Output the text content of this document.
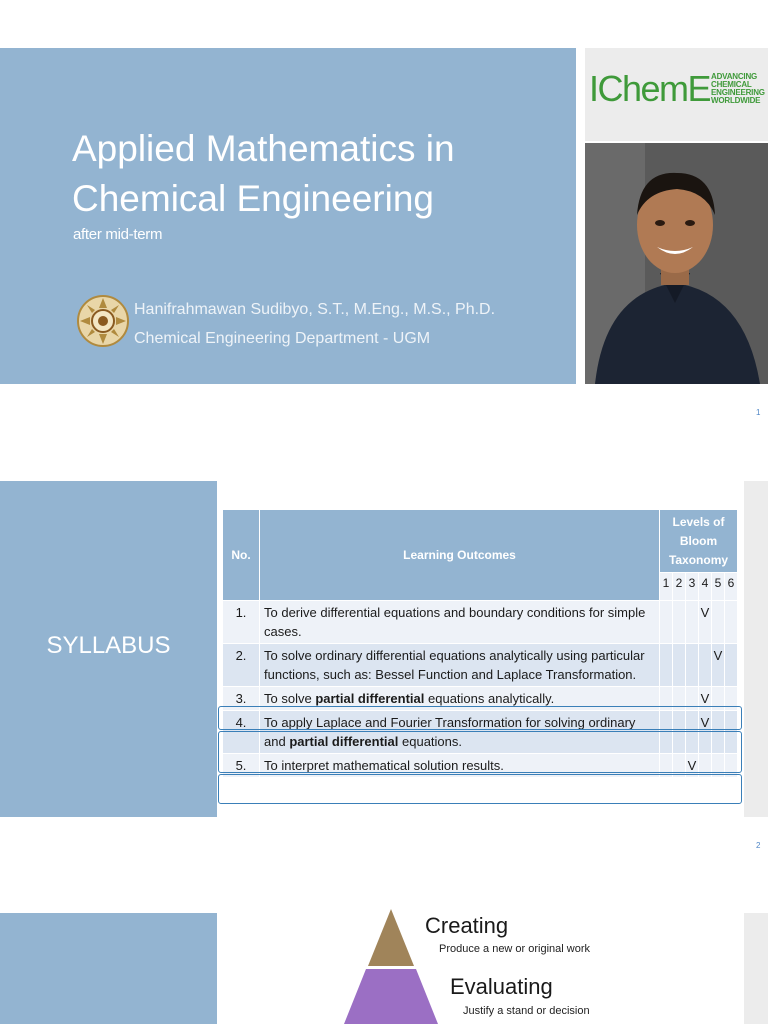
Applied Mathematics in Chemical Engineering
after mid-term
Hanifrahmawan Sudibyo, S.T., M.Eng., M.S., Ph.D.
Chemical Engineering Department - UGM
IChemE ADVANCING
CHEMICAL
ENGINEERING
WORLDWIDE
1
SYLLABUS
No.	Learning Outcomes	Levels of Bloom Taxonomy					
		1	2	3	4	5	6
1.	To derive differential equations and boundary conditions for simple cases.				V		
2.	To solve ordinary differential equations analytically using particular functions, such as: Bessel Function and Laplace Transformation.					V	
3.	To solve partial differential equations analytically.				V		
4.	To apply Laplace and Fourier Transformation for solving ordinary and partial differential equations.				V		
5.	To interpret mathematical solution results.			V			
2
Creating
Produce a new or original work
Evaluating
Justify a stand or decision
